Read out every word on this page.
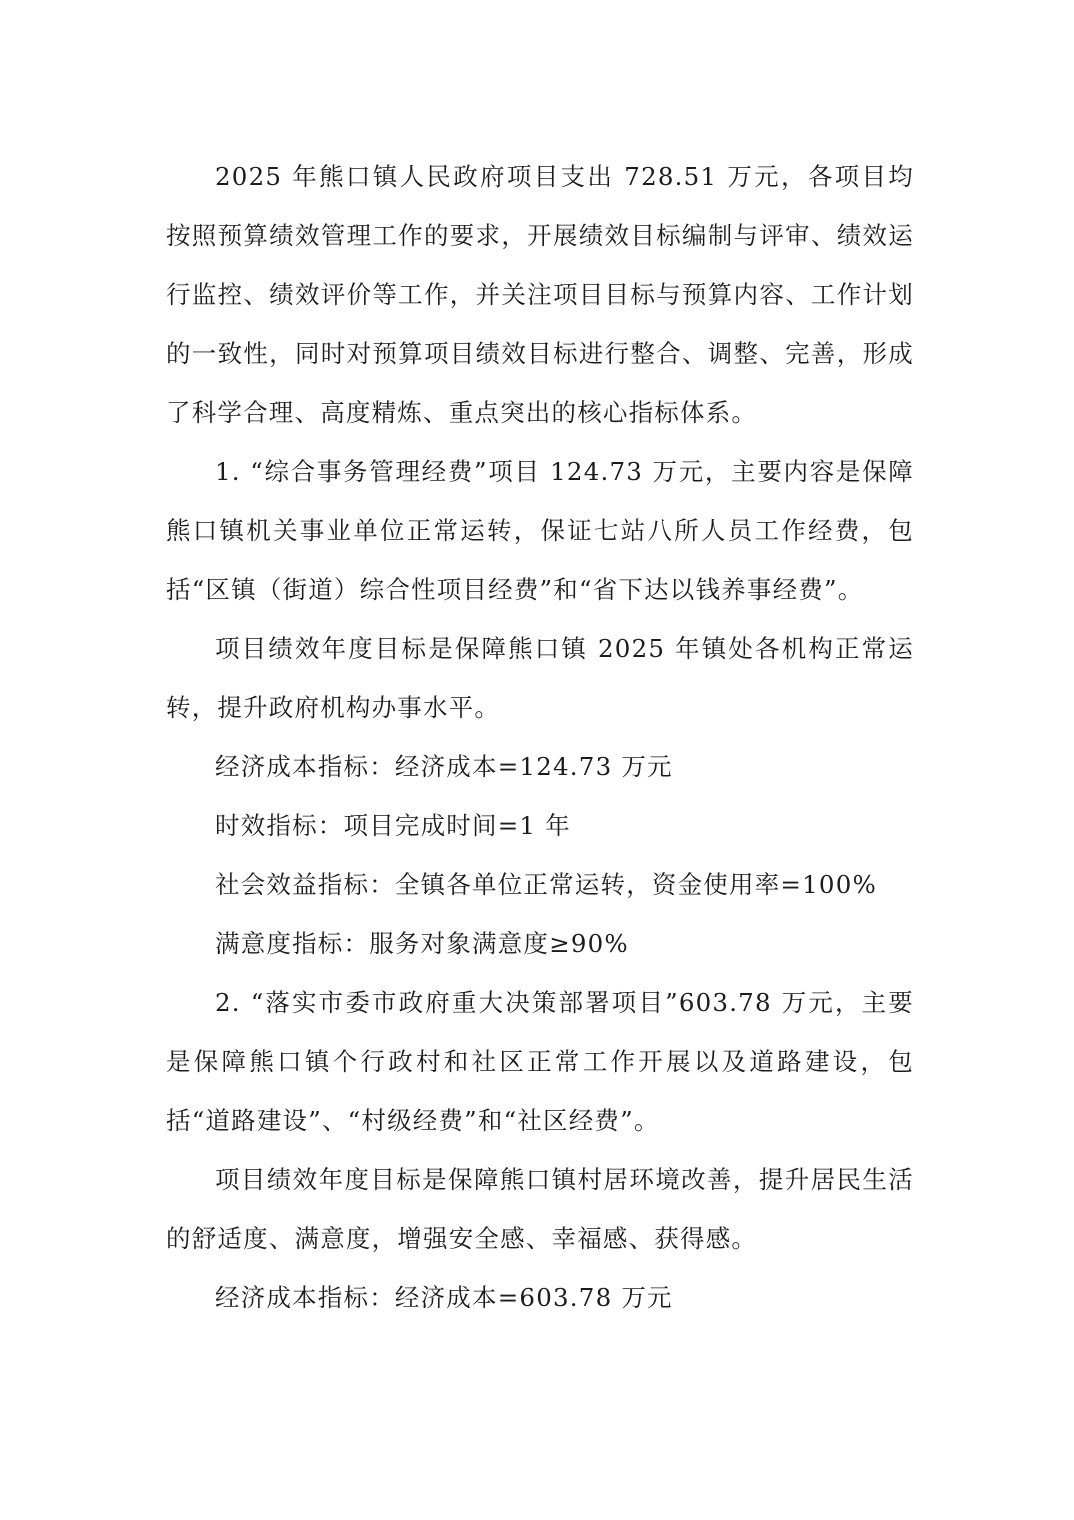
2025 年熊口镇人民政府项目支出 728.51 万元，各项目均按照预算绩效管理工作的要求，开展绩效目标编制与评审、绩效运行监控、绩效评价等工作，并关注项目目标与预算内容、工作计划的一致性，同时对预算项目绩效目标进行整合、调整、完善，形成了科学合理、高度精炼、重点突出的核心指标体系。

1. “综合事务管理经费”项目 124.73 万元，主要内容是保障熊口镇机关事业单位正常运转，保证七站八所人员工作经费，包括“区镇（街道）综合性项目经费”和“省下达以钱养事经费”。

项目绩效年度目标是保障熊口镇 2025 年镇处各机构正常运转，提升政府机构办事水平。

经济成本指标：经济成本=124.73 万元

时效指标：项目完成时间=1 年

社会效益指标：全镇各单位正常运转，资金使用率=100%

满意度指标：服务对象满意度≥90%

2. “落实市委市政府重大决策部署项目”603.78 万元，主要是保障熊口镇个行政村和社区正常工作开展以及道路建设，包括“道路建设”、“村级经费”和“社区经费”。

项目绩效年度目标是保障熊口镇村居环境改善，提升居民生活的舒适度、满意度，增强安全感、幸福感、获得感。

经济成本指标：经济成本=603.78 万元
